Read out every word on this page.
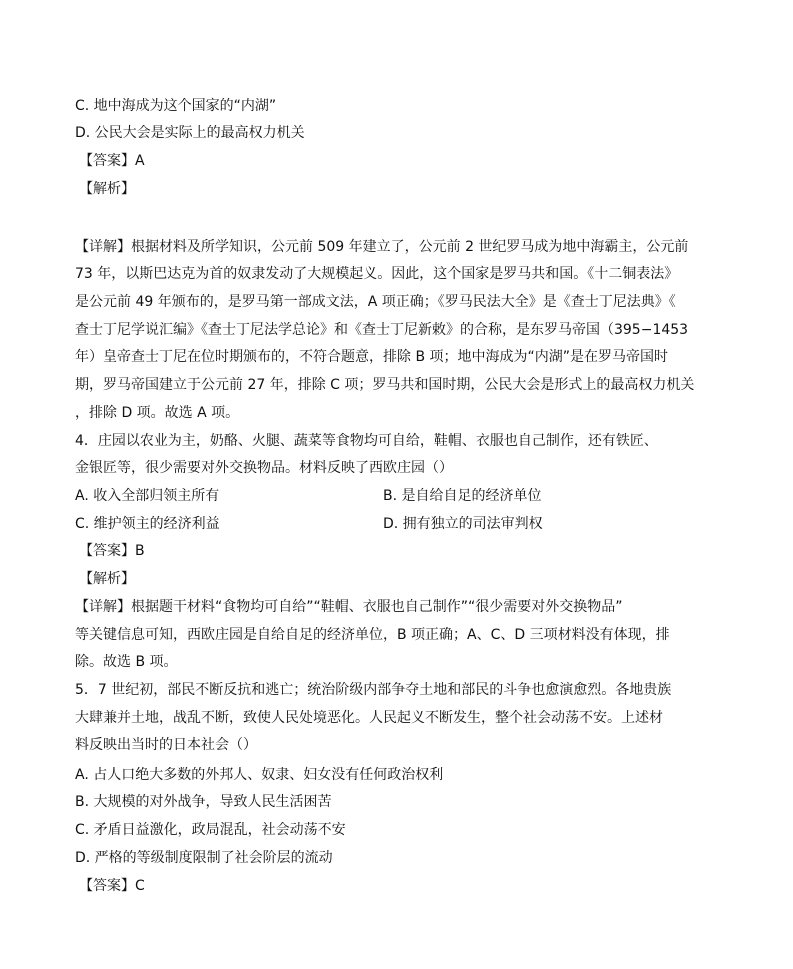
C. 地中海成为这个国家的“内湖”
D. 公民大会是实际上的最高权力机关
【答案】A
【解析】
【详解】根据材料及所学知识，公元前 509 年建立了，公元前 2 世纪罗马成为地中海霸主，公元前
73 年，以斯巴达克为首的奴隶发动了大规模起义。因此，这个国家是罗马共和国。《十二铜表法》
是公元前 49 年颁布的，是罗马第一部成文法，A 项正确；《罗马民法大全》是《查士丁尼法典》《
查士丁尼学说汇编》《查士丁尼法学总论》和《查士丁尼新敕》的合称，是东罗马帝国（395−1453
年）皇帝查士丁尼在位时期颁布的，不符合题意，排除 B 项；地中海成为“内湖”是在罗马帝国时
期，罗马帝国建立于公元前 27 年，排除 C 项；罗马共和国时期，公民大会是形式上的最高权力机关
，排除 D 项。故选 A 项。
4．庄园以农业为主，奶酪、火腿、蔬菜等食物均可自给，鞋帽、衣服也自己制作，还有铁匠、
金银匠等，很少需要对外交换物品。材料反映了西欧庄园（）
A. 收入全部归领主所有	B. 是自给自足的经济单位
C. 维护领主的经济利益	D. 拥有独立的司法审判权
【答案】B
【解析】
【详解】根据题干材料“食物均可自给”“鞋帽、衣服也自己制作”“很少需要对外交换物品”
等关键信息可知，西欧庄园是自给自足的经济单位，B 项正确；A、C、D 三项材料没有体现，排
除。故选 B 项。
5．7 世纪初，部民不断反抗和逃亡；统治阶级内部争夺土地和部民的斗争也愈演愈烈。各地贵族
大肆兼并土地，战乱不断，致使人民处境恶化。人民起义不断发生，整个社会动荡不安。上述材
料反映出当时的日本社会（）
A. 占人口绝大多数的外邦人、奴隶、妇女没有任何政治权利
B. 大规模的对外战争，导致人民生活困苦
C. 矛盾日益激化，政局混乱，社会动荡不安
D. 严格的等级制度限制了社会阶层的流动
【答案】C
